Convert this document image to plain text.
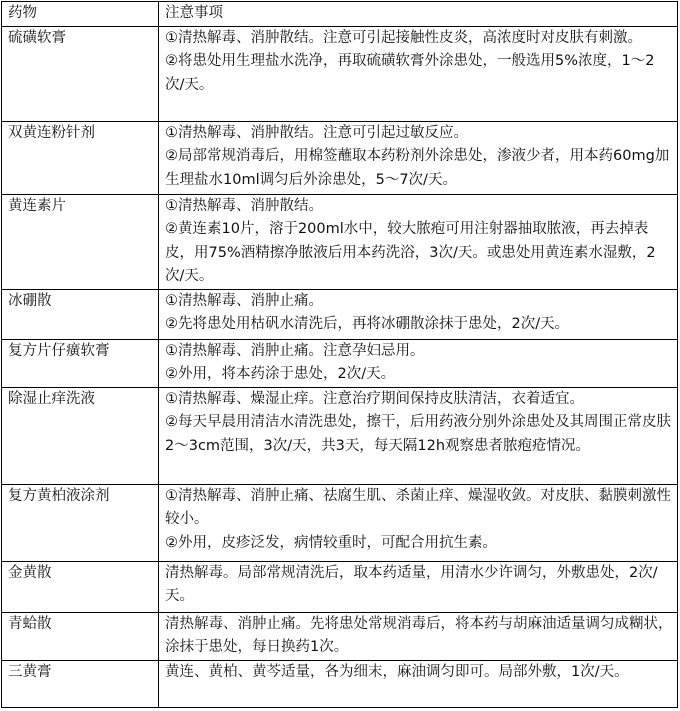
药物	注意事项
硫磺软膏	①清热解毒、消肿散结。注意可引起接触性皮炎，高浓度时对皮肤有刺激。
②将患处用生理盐水洗净，再取硫磺软膏外涂患处，一般选用5%浓度，1～2次/天。

双黄连粉针剂	①清热解毒、消肿散结。注意可引起过敏反应。
②局部常规消毒后，用棉签蘸取本药粉剂外涂患处，渗液少者，用本药60mg加生理盐水10ml调匀后外涂患处，5～7次/天。

黄连素片	①清热解毒、消肿散结。
②黄连素10片，溶于200ml水中，较大脓疱可用注射器抽取脓液，再去掉表皮，用75%酒精擦净脓液后用本药洗浴，3次/天。或患处用黄连素水湿敷，2次/天。

冰硼散	①清热解毒、消肿止痛。
②先将患处用枯矾水清洗后，再将冰硼散涂抹于患处，2次/天。

复方片仔癀软膏	①清热解毒、消肿止痛。注意孕妇忌用。
②外用，将本药涂于患处，2次/天。

除湿止痒洗液	①清热解毒、燥湿止痒。注意治疗期间保持皮肤清洁，衣着适宜。
②每天早晨用清洁水清洗患处，擦干，后用药液分别外涂患处及其周围正常皮肤2～3cm范围，3次/天，共3天，每天隔12h观察患者脓疱疮情况。

复方黄柏液涂剂	①清热解毒、消肿止痛、祛腐生肌、杀菌止痒、燥湿收敛。对皮肤、黏膜刺激性较小。
②外用，皮疹泛发，病情较重时，可配合用抗生素。

金黄散	清热解毒。局部常规清洗后，取本药适量，用清水少许调匀，外敷患处，2次/天。

青蛤散	清热解毒、消肿止痛。先将患处常规消毒后，将本药与胡麻油适量调匀成糊状，涂抹于患处，每日换药1次。

三黄膏	黄连、黄柏、黄芩适量，各为细末，麻油调匀即可。局部外敷，1次/天。
